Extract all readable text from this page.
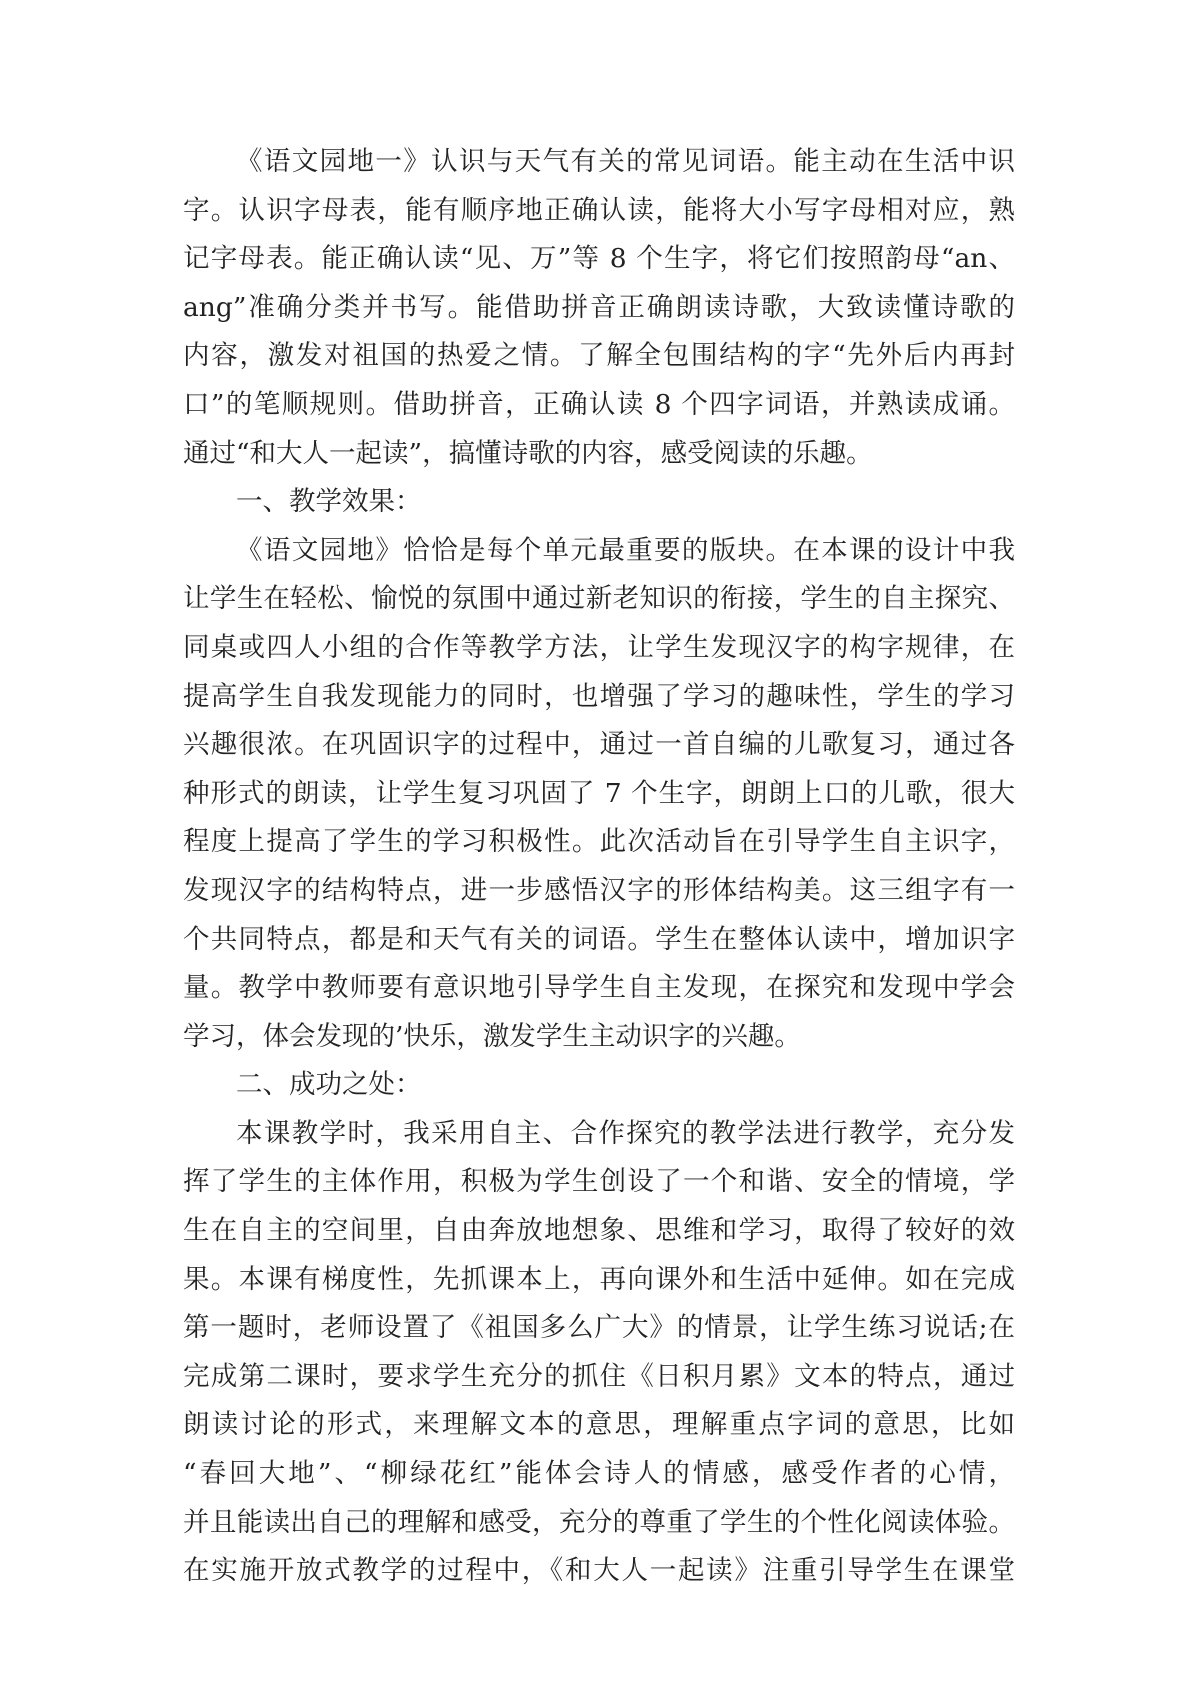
《语文园地一》认识与天气有关的常见词语。能主动在生活中识
字。认识字母表，能有顺序地正确认读，能将大小写字母相对应，熟
记字母表。能正确认读“见、万”等 8 个生字，将它们按照韵母“an、
ang”准确分类并书写。能借助拼音正确朗读诗歌，大致读懂诗歌的
内容，激发对祖国的热爱之情。了解全包围结构的字“先外后内再封
口”的笔顺规则。借助拼音，正确认读 8 个四字词语，并熟读成诵。
通过“和大人一起读”，搞懂诗歌的内容，感受阅读的乐趣。
一、教学效果：
《语文园地》恰恰是每个单元最重要的版块。在本课的设计中我
让学生在轻松、愉悦的氛围中通过新老知识的衔接，学生的自主探究、
同桌或四人小组的合作等教学方法，让学生发现汉字的构字规律，在
提高学生自我发现能力的同时，也增强了学习的趣味性，学生的学习
兴趣很浓。在巩固识字的过程中，通过一首自编的儿歌复习，通过各
种形式的朗读，让学生复习巩固了 7 个生字，朗朗上口的儿歌，很大
程度上提高了学生的学习积极性。此次活动旨在引导学生自主识字，
发现汉字的结构特点，进一步感悟汉字的形体结构美。这三组字有一
个共同特点，都是和天气有关的词语。学生在整体认读中，增加识字
量。教学中教师要有意识地引导学生自主发现，在探究和发现中学会
学习，体会发现的’快乐，激发学生主动识字的兴趣。
二、成功之处：
本课教学时，我采用自主、合作探究的教学法进行教学，充分发
挥了学生的主体作用，积极为学生创设了一个和谐、安全的情境，学
生在自主的空间里，自由奔放地想象、思维和学习，取得了较好的效
果。本课有梯度性，先抓课本上，再向课外和生活中延伸。如在完成
第一题时，老师设置了《祖国多么广大》的情景，让学生练习说话;在
完成第二课时，要求学生充分的抓住《日积月累》文本的特点，通过
朗读讨论的形式，来理解文本的意思，理解重点字词的意思，比如
“春回大地”、“柳绿花红”能体会诗人的情感，感受作者的心情，
并且能读出自己的理解和感受，充分的尊重了学生的个性化阅读体验。
在实施开放式教学的过程中，《和大人一起读》注重引导学生在课堂
